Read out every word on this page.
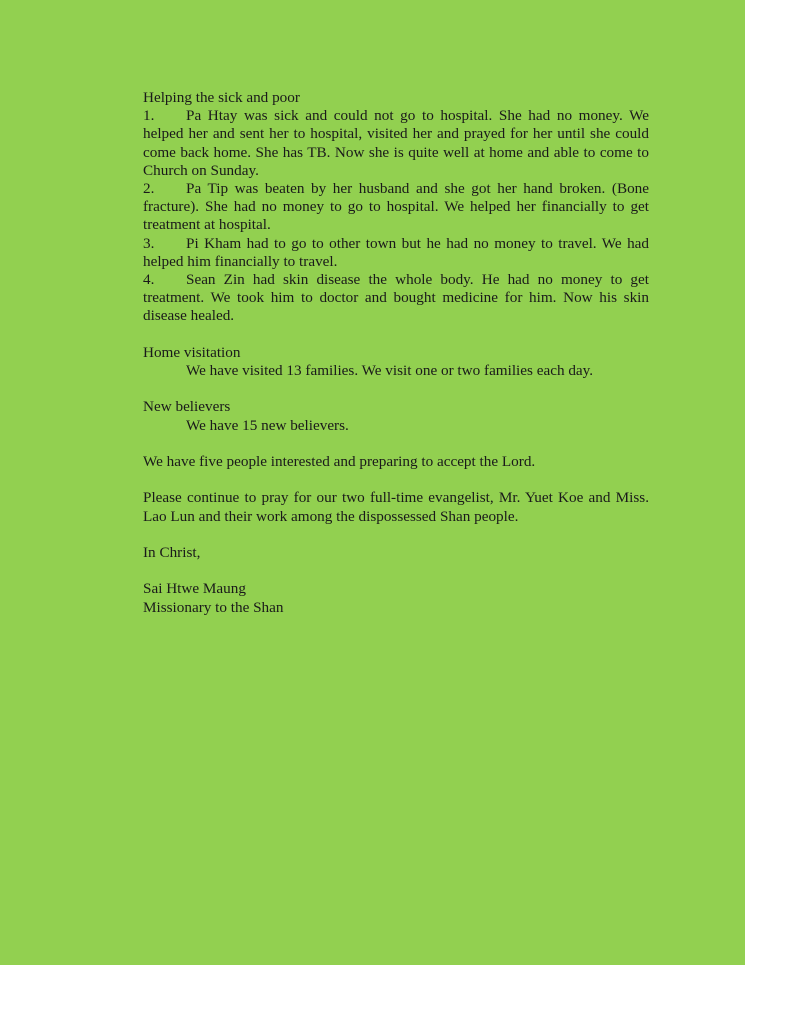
Helping the sick and poor
1. Pa Htay was sick and could not go to hospital. She had no money. We helped her and sent her to hospital, visited her and prayed for her until she could come back home. She has TB. Now she is quite well at home and able to come to Church on Sunday.
2. Pa Tip was beaten by her husband and she got her hand broken. (Bone fracture). She had no money to go to hospital. We helped her financially to get treatment at hospital.
3. Pi Kham had to go to other town but he had no money to travel. We had helped him financially to travel.
4. Sean Zin had skin disease the whole body. He had no money to get treatment. We took him to doctor and bought medicine for him. Now his skin disease healed.
Home visitation
We have visited 13 families. We visit one or two families each day.
New believers
We have 15 new believers.
We have five people interested and preparing to accept the Lord.
Please continue to pray for our two full-time evangelist, Mr. Yuet Koe and Miss. Lao Lun and their work among the dispossessed Shan people.
In Christ,
Sai Htwe Maung
Missionary to the Shan
